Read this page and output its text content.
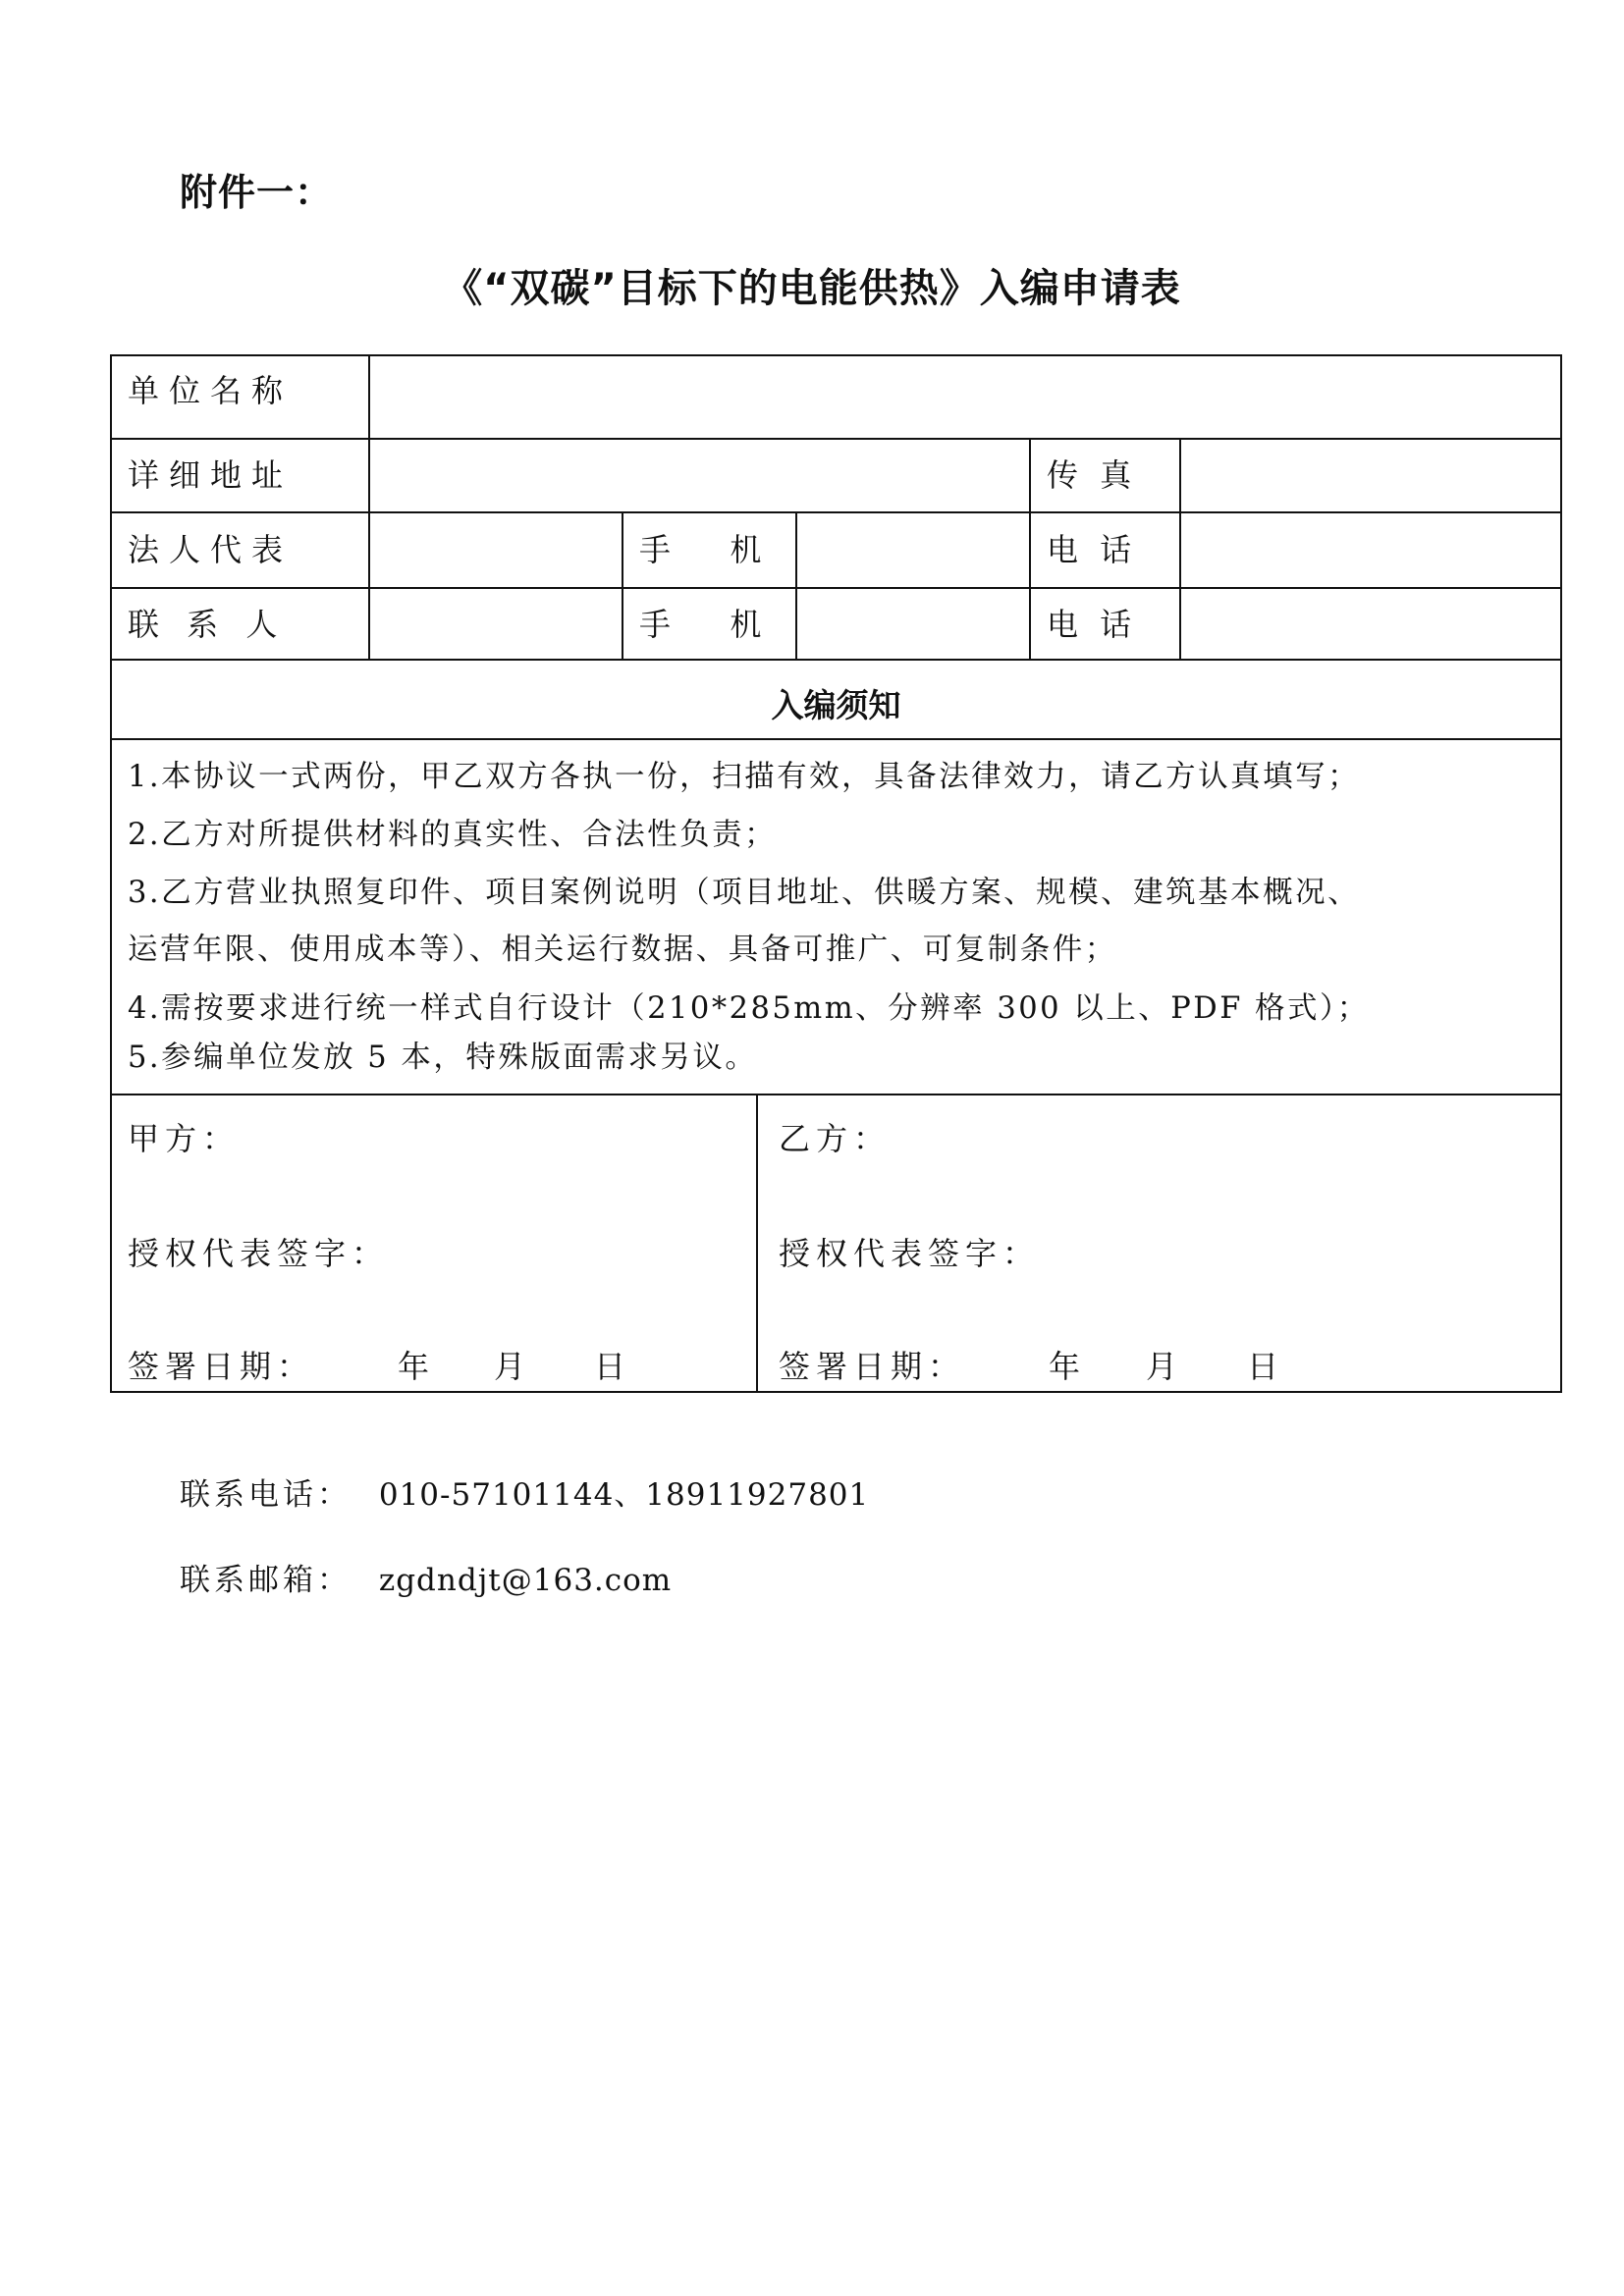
附件一：
《“双碳”目标下的电能供热》入编申请表
单位名称
详细地址	传 真
法人代表	手  机	电 话
联 系 人	手  机	电 话
入编须知
1.本协议一式两份，甲乙双方各执一份，扫描有效，具备法律效力，请乙方认真填写；
2.乙方对所提供材料的真实性、合法性负责；
3.乙方营业执照复印件、项目案例说明（项目地址、供暖方案、规模、建筑基本概况、
运营年限、使用成本等）、相关运行数据、具备可推广、可复制条件；
4.需按要求进行统一样式自行设计（210*285mm、分辨率 300 以上、PDF 格式）；
5.参编单位发放 5 本，特殊版面需求另议。
甲方：
授权代表签字：
签署日期：	年 月 日
乙方：
授权代表签字：
签署日期：	年 月 日
联系电话： 010-57101144、18911927801
联系邮箱： zgdndjt@163.com
